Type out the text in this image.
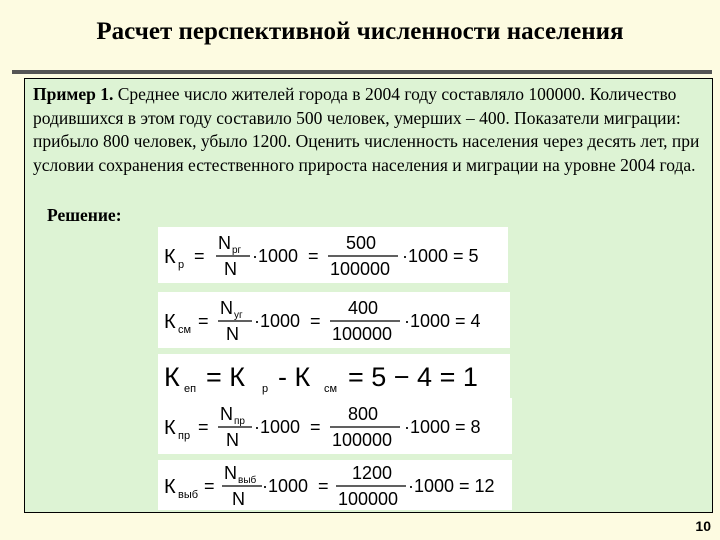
Расчет перспективной численности населения
Пример 1. Среднее число жителей города в 2004 году составляло 100000. Количество родившихся в этом году составило 500 человек, умерших – 400. Показатели миграции: прибыло 800 человек, убыло 1200. Оценить численность населения через десять лет, при условии сохранения естественного прироста населения и миграции на уровне 2004 года.
Решение:
К р =
N рг
N
·1000 =
500
100000
·1000 = 5
К см =
N уг
N
·1000 =
400
100000
·1000 = 4
К еп = К р - К см = 5 − 4 = 1
К пр =
N пр
N
·1000 =
800
100000
·1000 = 8
К выб =
N выб
N
·1000 =
1200
100000
·1000 = 12
10
